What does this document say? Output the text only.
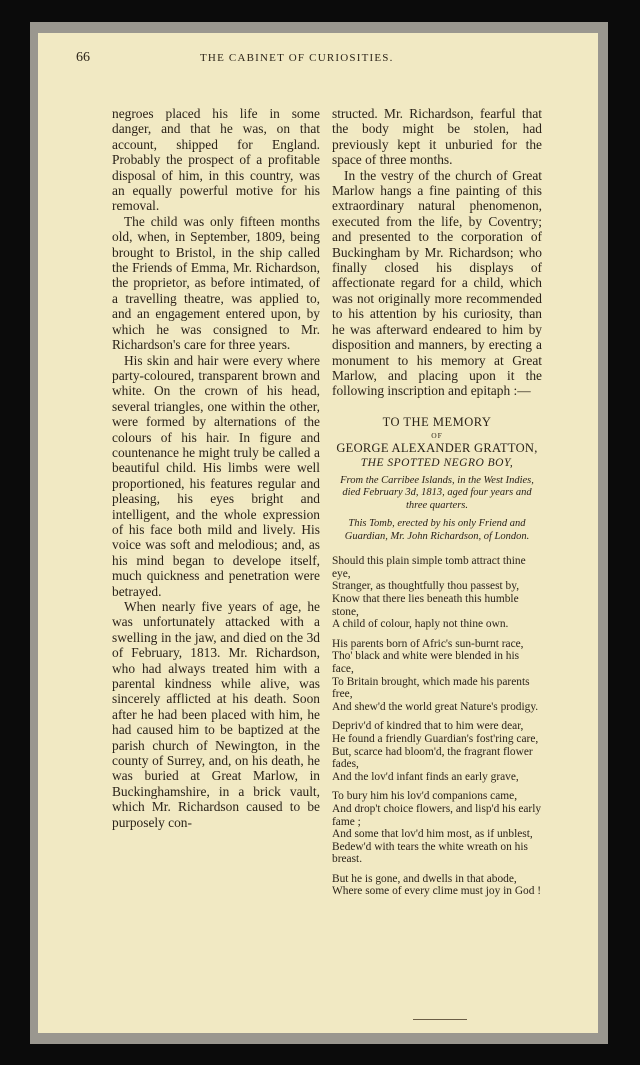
66	THE CABINET OF CURIOSITIES.

negroes placed his life in some danger, and that he was, on that account, shipped for England. Probably the prospect of a profitable disposal of him, in this country, was an equally powerful motive for his removal.

The child was only fifteen months old, when, in September, 1809, being brought to Bristol, in the ship called the Friends of Emma, Mr. Richardson, the proprietor, as before intimated, of a travelling theatre, was applied to, and an engagement entered upon, by which he was consigned to Mr. Richardson's care for three years.

His skin and hair were every where party-coloured, transparent brown and white. On the crown of his head, several triangles, one within the other, were formed by alternations of the colours of his hair. In figure and countenance he might truly be called a beautiful child. His limbs were well proportioned, his features regular and pleasing, his eyes bright and intelligent, and the whole expression of his face both mild and lively. His voice was soft and melodious; and, as his mind began to develope itself, much quickness and penetration were betrayed.

When nearly five years of age, he was unfortunately attacked with a swelling in the jaw, and died on the 3d of February, 1813. Mr. Richardson, who had always treated him with a parental kindness while alive, was sincerely afflicted at his death. Soon after he had been placed with him, he had caused him to be baptized at the parish church of Newington, in the county of Surrey, and, on his death, he was buried at Great Marlow, in Buckinghamshire, in a brick vault, which Mr. Richardson caused to be purposely con-

structed. Mr. Richardson, fearful that the body might be stolen, had previously kept it unburied for the space of three months.

In the vestry of the church of Great Marlow hangs a fine painting of this extraordinary natural phenomenon, executed from the life, by Coventry; and presented to the corporation of Buckingham by Mr. Richardson; who finally closed his displays of affectionate regard for a child, which was not originally more recommended to his attention by his curiosity, than he was afterward endeared to him by disposition and manners, by erecting a monument to his memory at Great Marlow, and placing upon it the following inscription and epitaph :—

TO THE MEMORY
OF
GEORGE ALEXANDER GRATTON,
THE SPOTTED NEGRO BOY,
From the Carribee Islands, in the West Indies, died February 3d, 1813, aged four years and three quarters.
This Tomb, erected by his only Friend and Guardian, Mr. John Richardson, of London.
Should this plain simple tomb attract thine eye,
Stranger, as thoughtfully thou passest by,
Know that there lies beneath this humble stone,
A child of colour, haply not thine own.
His parents born of Afric's sun-burnt race,
Tho' black and white were blended in his face,
To Britain brought, which made his parents free,
And shew'd the world great Nature's prodigy.
Depriv'd of kindred that to him were dear,
He found a friendly Guardian's fost'ring care,
But, scarce had bloom'd, the fragrant flower fades,
And the lov'd infant finds an early grave,
To bury him his lov'd companions came,
And drop't choice flowers, and lisp'd his early fame ;
And some that lov'd him most, as if unblest,
Bedew'd with tears the white wreath on his breast.
But he is gone, and dwells in that abode,
Where some of every clime must joy in God !
